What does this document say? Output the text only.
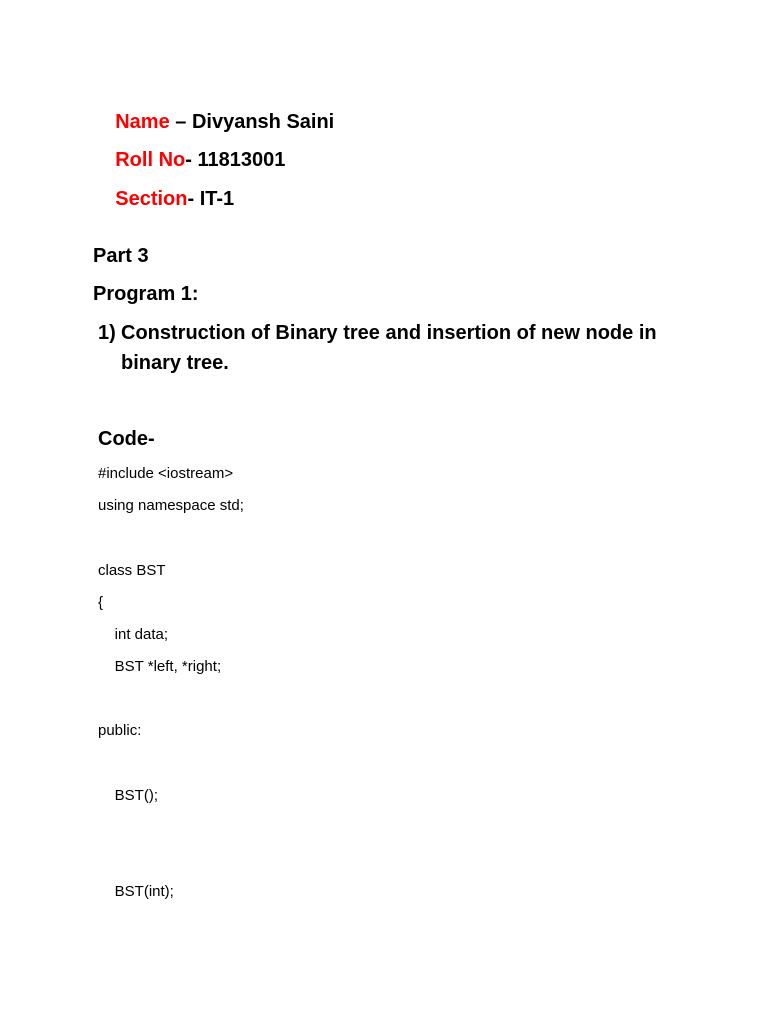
Name – Divyansh Saini

Roll No- 11813001

Section- IT-1

Part 3
Program 1:
1) Construction of Binary tree and insertion of new node in binary tree.
Code-
#include <iostream>
using namespace std;
class BST
{
int data;
BST *left, *right;
public:
BST();
BST(int);
